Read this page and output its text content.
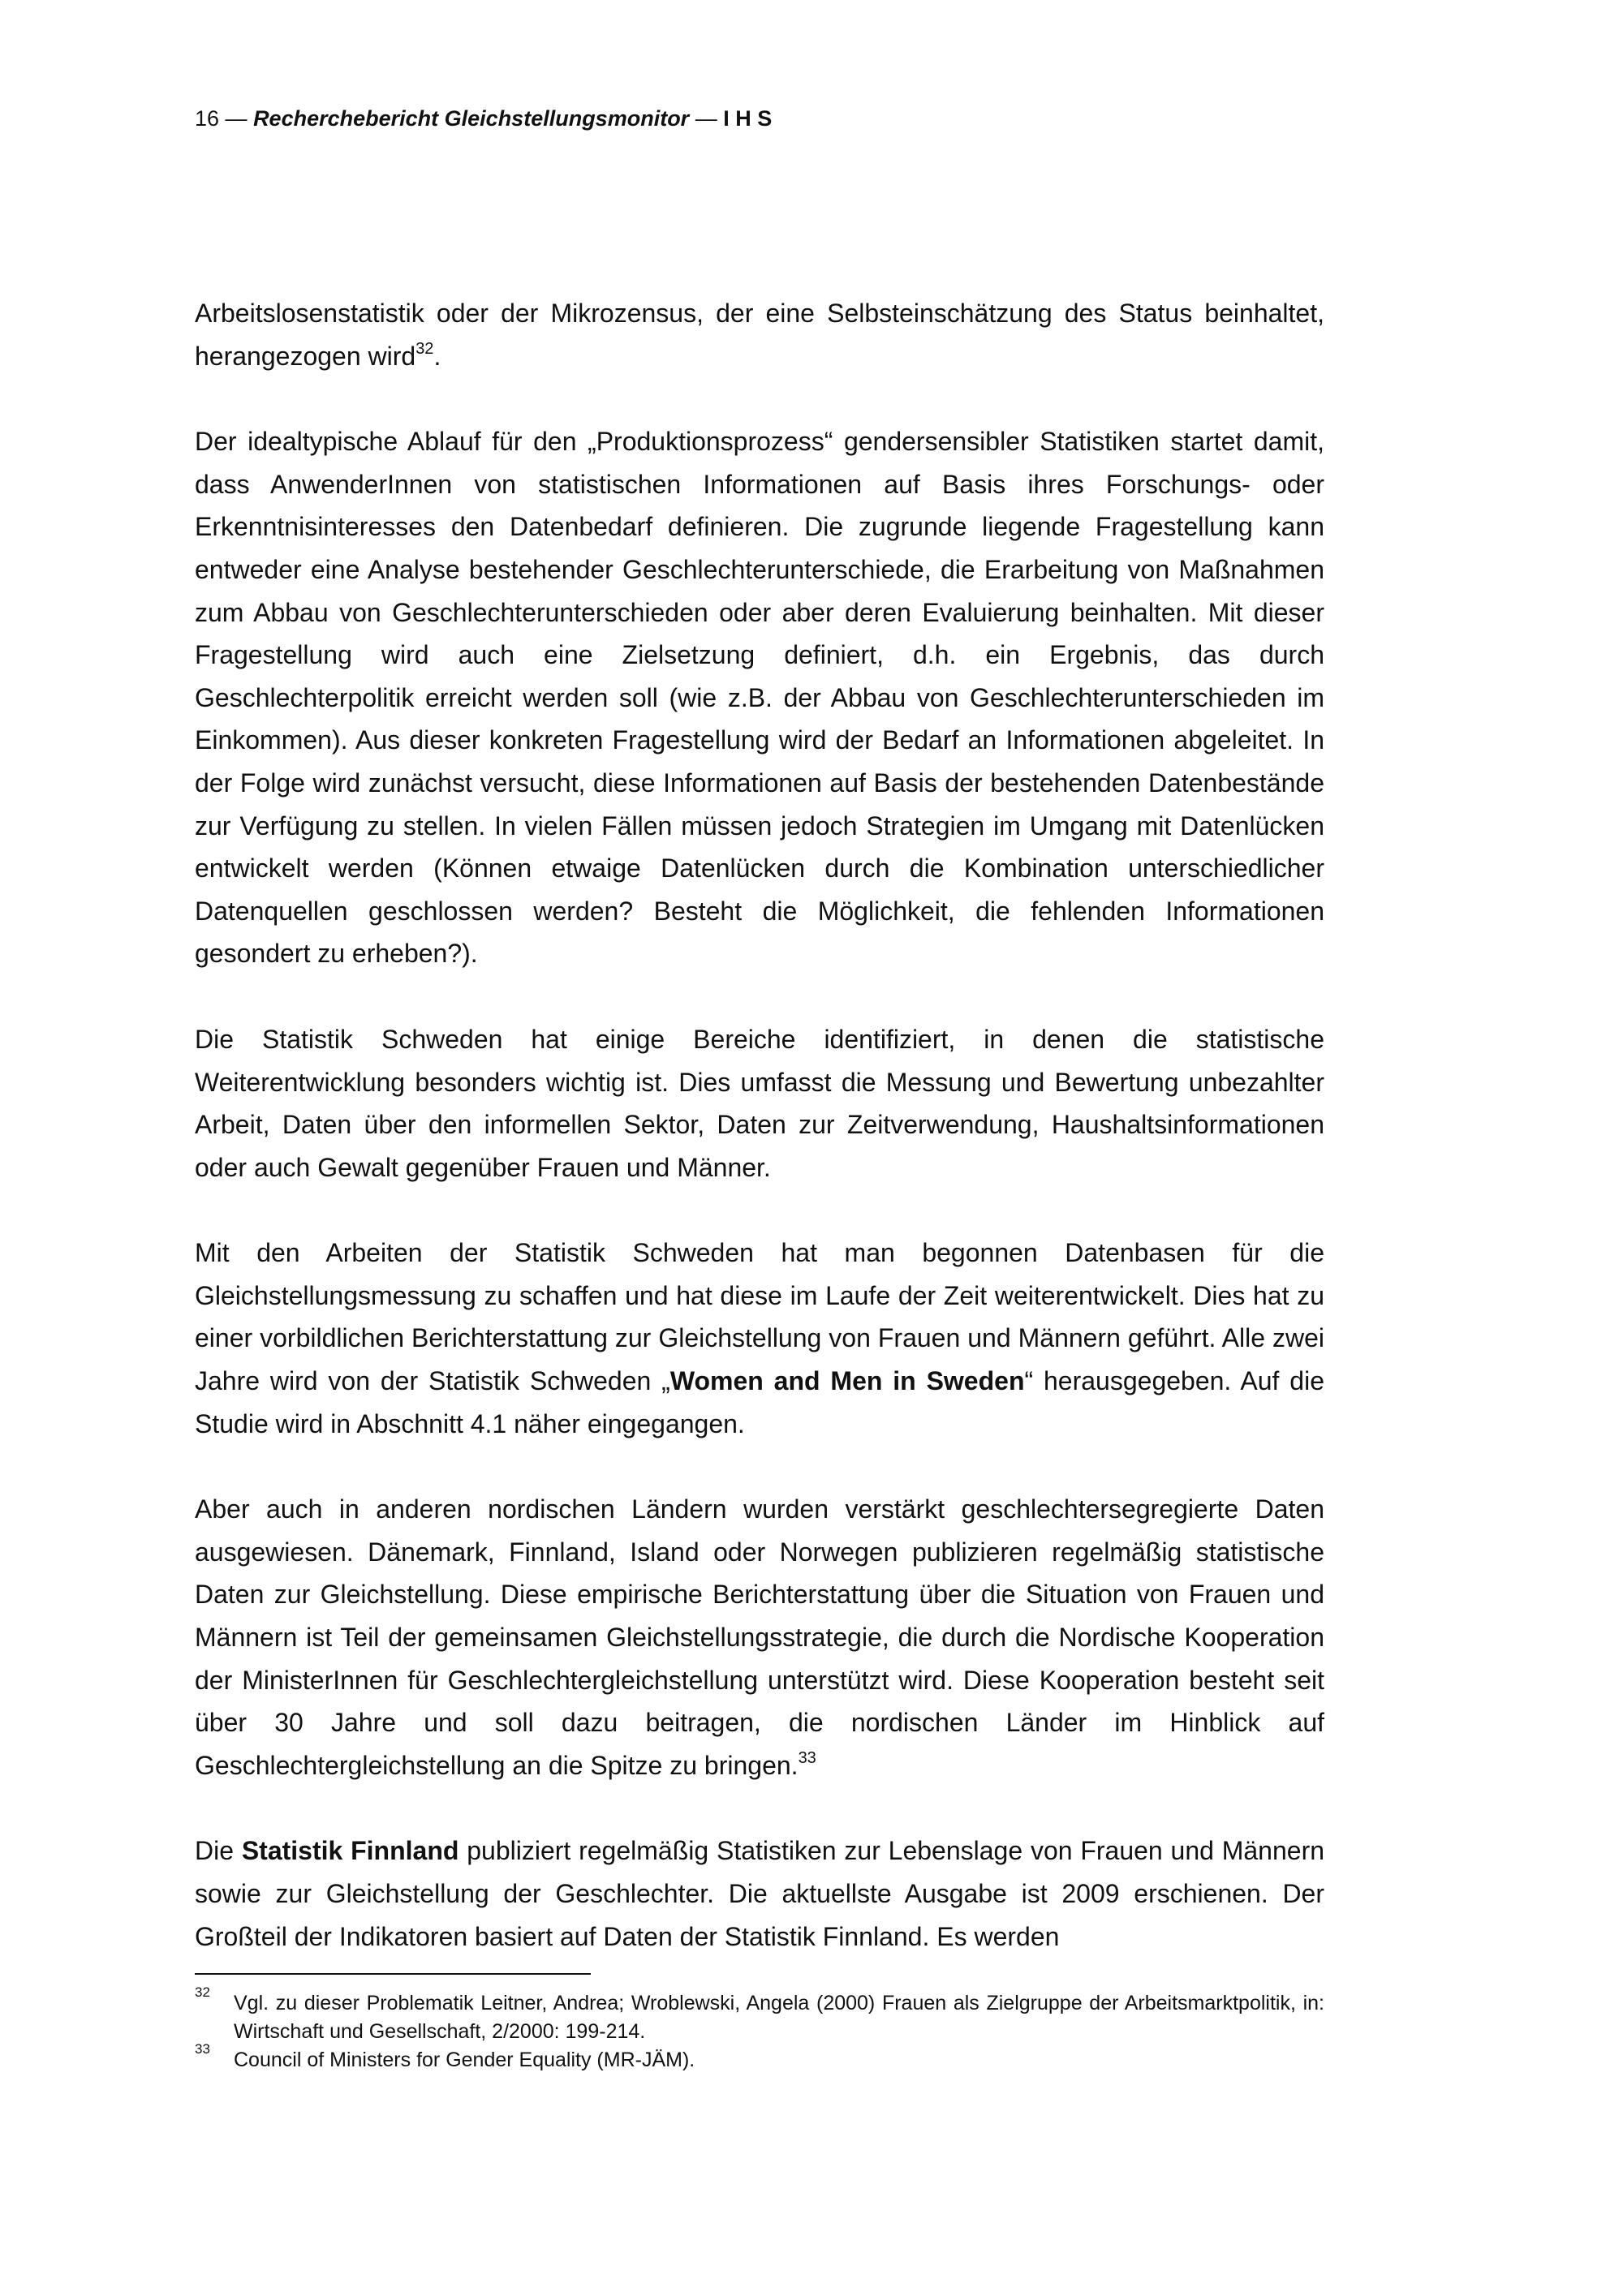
16 — Recherchebericht Gleichstellungsmonitor — I H S

Arbeitslosenstatistik oder der Mikrozensus, der eine Selbsteinschätzung des Status beinhaltet, herangezogen wird$^{32}$.

Der idealtypische Ablauf für den „Produktionsprozess“ gendersensibler Statistiken startet damit, dass AnwenderInnen von statistischen Informationen auf Basis ihres Forschungs- oder Erkenntnisinteresses den Datenbedarf definieren. Die zugrunde liegende Fragestellung kann entweder eine Analyse bestehender Geschlechterunterschiede, die Erarbeitung von Maßnahmen zum Abbau von Geschlechterunterschieden oder aber deren Evaluierung beinhalten. Mit dieser Fragestellung wird auch eine Zielsetzung definiert, d.h. ein Ergebnis, das durch Geschlechterpolitik erreicht werden soll (wie z.B. der Abbau von Geschlechterunterschieden im Einkommen). Aus dieser konkreten Fragestellung wird der Bedarf an Informationen abgeleitet. In der Folge wird zunächst versucht, diese Informationen auf Basis der bestehenden Datenbestände zur Verfügung zu stellen. In vielen Fällen müssen jedoch Strategien im Umgang mit Datenlücken entwickelt werden (Können etwaige Datenlücken durch die Kombination unterschiedlicher Datenquellen geschlossen werden? Besteht die Möglichkeit, die fehlenden Informationen gesondert zu erheben?).

Die Statistik Schweden hat einige Bereiche identifiziert, in denen die statistische Weiterentwicklung besonders wichtig ist. Dies umfasst die Messung und Bewertung unbezahlter Arbeit, Daten über den informellen Sektor, Daten zur Zeitverwendung, Haushaltsinformationen oder auch Gewalt gegenüber Frauen und Männer.

Mit den Arbeiten der Statistik Schweden hat man begonnen Datenbasen für die Gleichstellungsmessung zu schaffen und hat diese im Laufe der Zeit weiterentwickelt. Dies hat zu einer vorbildlichen Berichterstattung zur Gleichstellung von Frauen und Männern geführt. Alle zwei Jahre wird von der Statistik Schweden „Women and Men in Sweden“ herausgegeben. Auf die Studie wird in Abschnitt 4.1 näher eingegangen.

Aber auch in anderen nordischen Ländern wurden verstärkt geschlechtersegregierte Daten ausgewiesen. Dänemark, Finnland, Island oder Norwegen publizieren regelmäßig statistische Daten zur Gleichstellung. Diese empirische Berichterstattung über die Situation von Frauen und Männern ist Teil der gemeinsamen Gleichstellungsstrategie, die durch die Nordische Kooperation der MinisterInnen für Geschlechtergleichstellung unterstützt wird. Diese Kooperation besteht seit über 30 Jahre und soll dazu beitragen, die nordischen Länder im Hinblick auf Geschlechtergleichstellung an die Spitze zu bringen.$^{33}$

Die Statistik Finnland publiziert regelmäßig Statistiken zur Lebenslage von Frauen und Männern sowie zur Gleichstellung der Geschlechter. Die aktuellste Ausgabe ist 2009 erschienen. Der Großteil der Indikatoren basiert auf Daten der Statistik Finnland. Es werden

32 Vgl. zu dieser Problematik Leitner, Andrea; Wroblewski, Angela (2000) Frauen als Zielgruppe der Arbeitsmarktpolitik, in: Wirtschaft und Gesellschaft, 2/2000: 199-214.
33 Council of Ministers for Gender Equality (MR-JÄM).
